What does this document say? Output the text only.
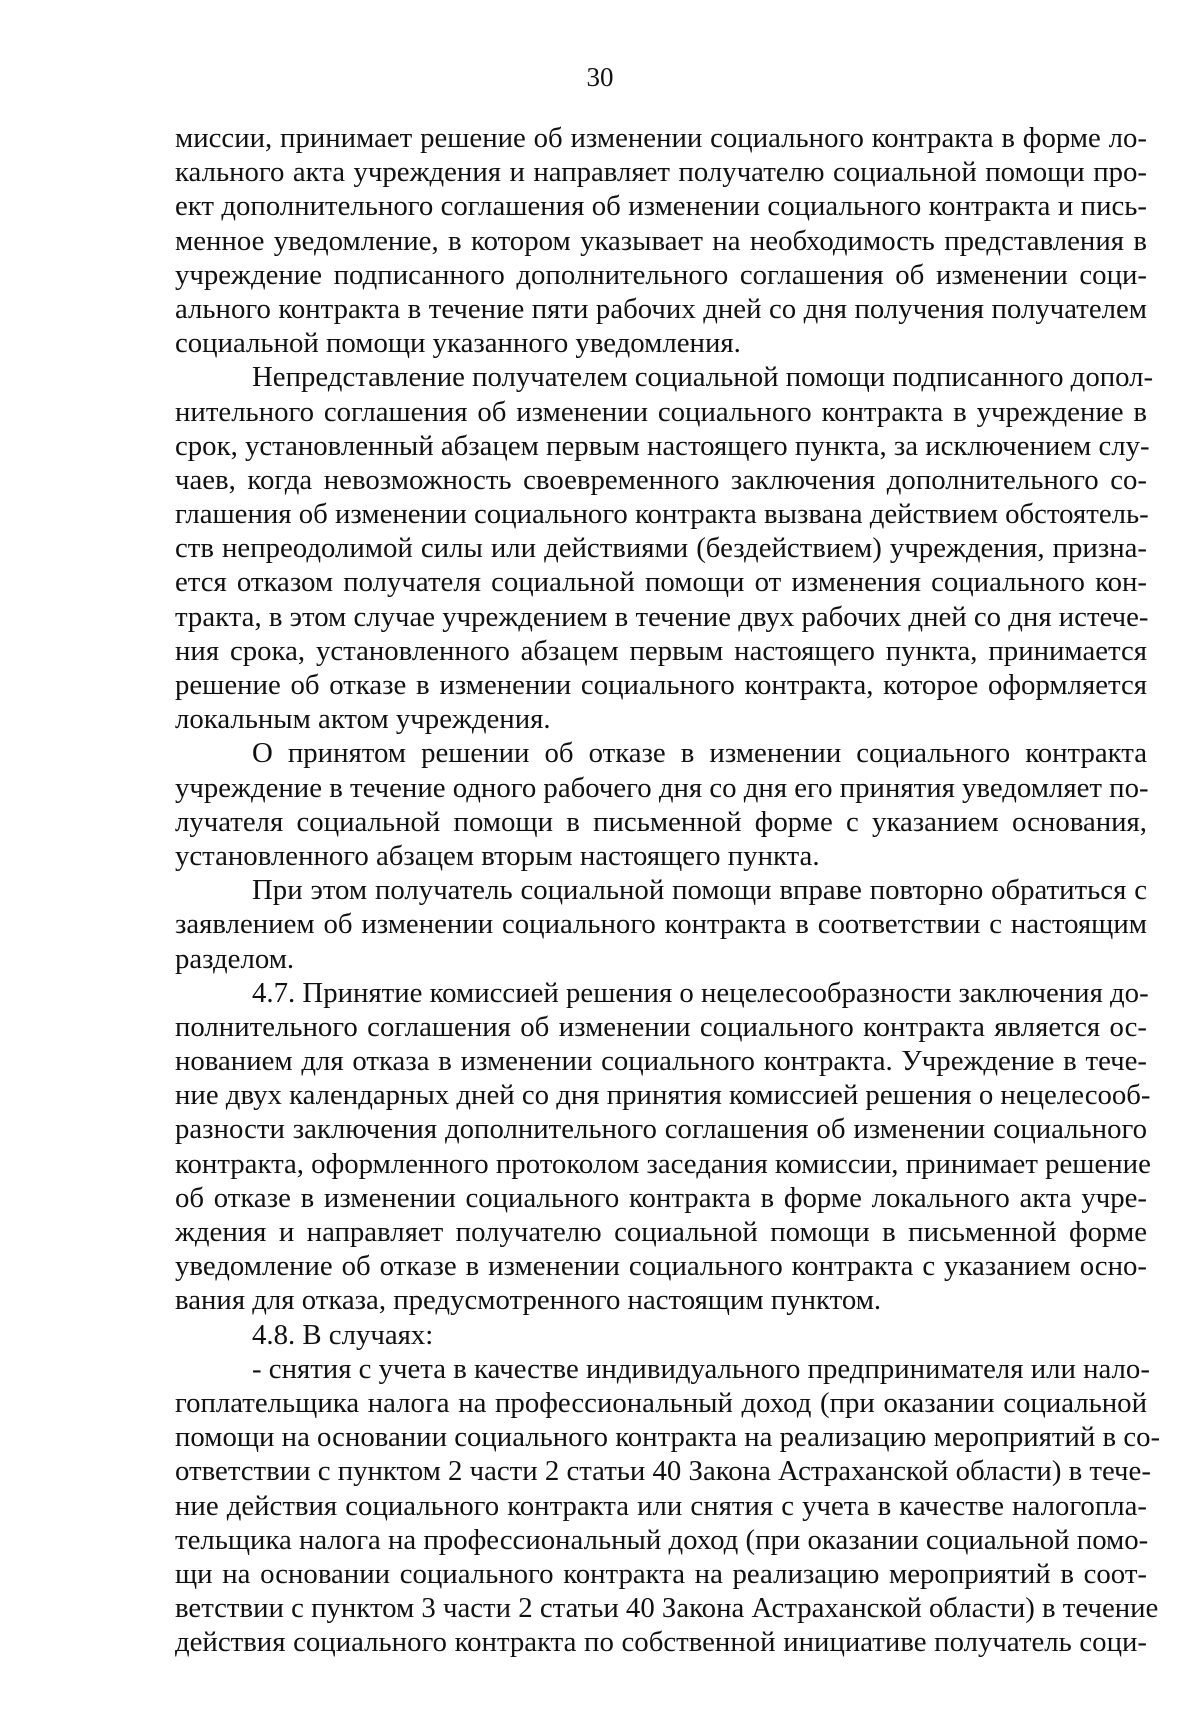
30
миссии, принимает решение об изменении социального контракта в форме ло-
кального акта учреждения и направляет получателю социальной помощи про-
ект дополнительного соглашения об изменении социального контракта и пись-
менное уведомление, в котором указывает на необходимость представления в
учреждение подписанного дополнительного соглашения об изменении соци-
ального контракта в течение пяти рабочих дней со дня получения получателем
социальной помощи указанного уведомления.
Непредставление получателем социальной помощи подписанного допол-
нительного соглашения об изменении социального контракта в учреждение в
срок, установленный абзацем первым настоящего пункта, за исключением слу-
чаев, когда невозможность своевременного заключения дополнительного со-
глашения об изменении социального контракта вызвана действием обстоятель-
ств непреодолимой силы или действиями (бездействием) учреждения, призна-
ется отказом получателя социальной помощи от изменения социального кон-
тракта, в этом случае учреждением в течение двух рабочих дней со дня истече-
ния срока, установленного абзацем первым настоящего пункта, принимается
решение об отказе в изменении социального контракта, которое оформляется
локальным актом учреждения.
О принятом решении об отказе в изменении социального контракта
учреждение в течение одного рабочего дня со дня его принятия уведомляет по-
лучателя социальной помощи в письменной форме с указанием основания,
установленного абзацем вторым настоящего пункта.
При этом получатель социальной помощи вправе повторно обратиться с
заявлением об изменении социального контракта в соответствии с настоящим
разделом.
4.7. Принятие комиссией решения о нецелесообразности заключения до-
полнительного соглашения об изменении социального контракта является ос-
нованием для отказа в изменении социального контракта. Учреждение в тече-
ние двух календарных дней со дня принятия комиссией решения о нецелесооб-
разности заключения дополнительного соглашения об изменении социального
контракта, оформленного протоколом заседания комиссии, принимает решение
об отказе в изменении социального контракта в форме локального акта учре-
ждения и направляет получателю социальной помощи в письменной форме
уведомление об отказе в изменении социального контракта с указанием осно-
вания для отказа, предусмотренного настоящим пунктом.
4.8. В случаях:
- снятия с учета в качестве индивидуального предпринимателя или нало-
гоплательщика налога на профессиональный доход (при оказании социальной
помощи на основании социального контракта на реализацию мероприятий в со-
ответствии с пунктом 2 части 2 статьи 40 Закона Астраханской области) в тече-
ние действия социального контракта или снятия с учета в качестве налогопла-
тельщика налога на профессиональный доход (при оказании социальной помо-
щи на основании социального контракта на реализацию мероприятий в соот-
ветствии с пунктом 3 части 2 статьи 40 Закона Астраханской области) в течение
действия социального контракта по собственной инициативе получатель соци-
